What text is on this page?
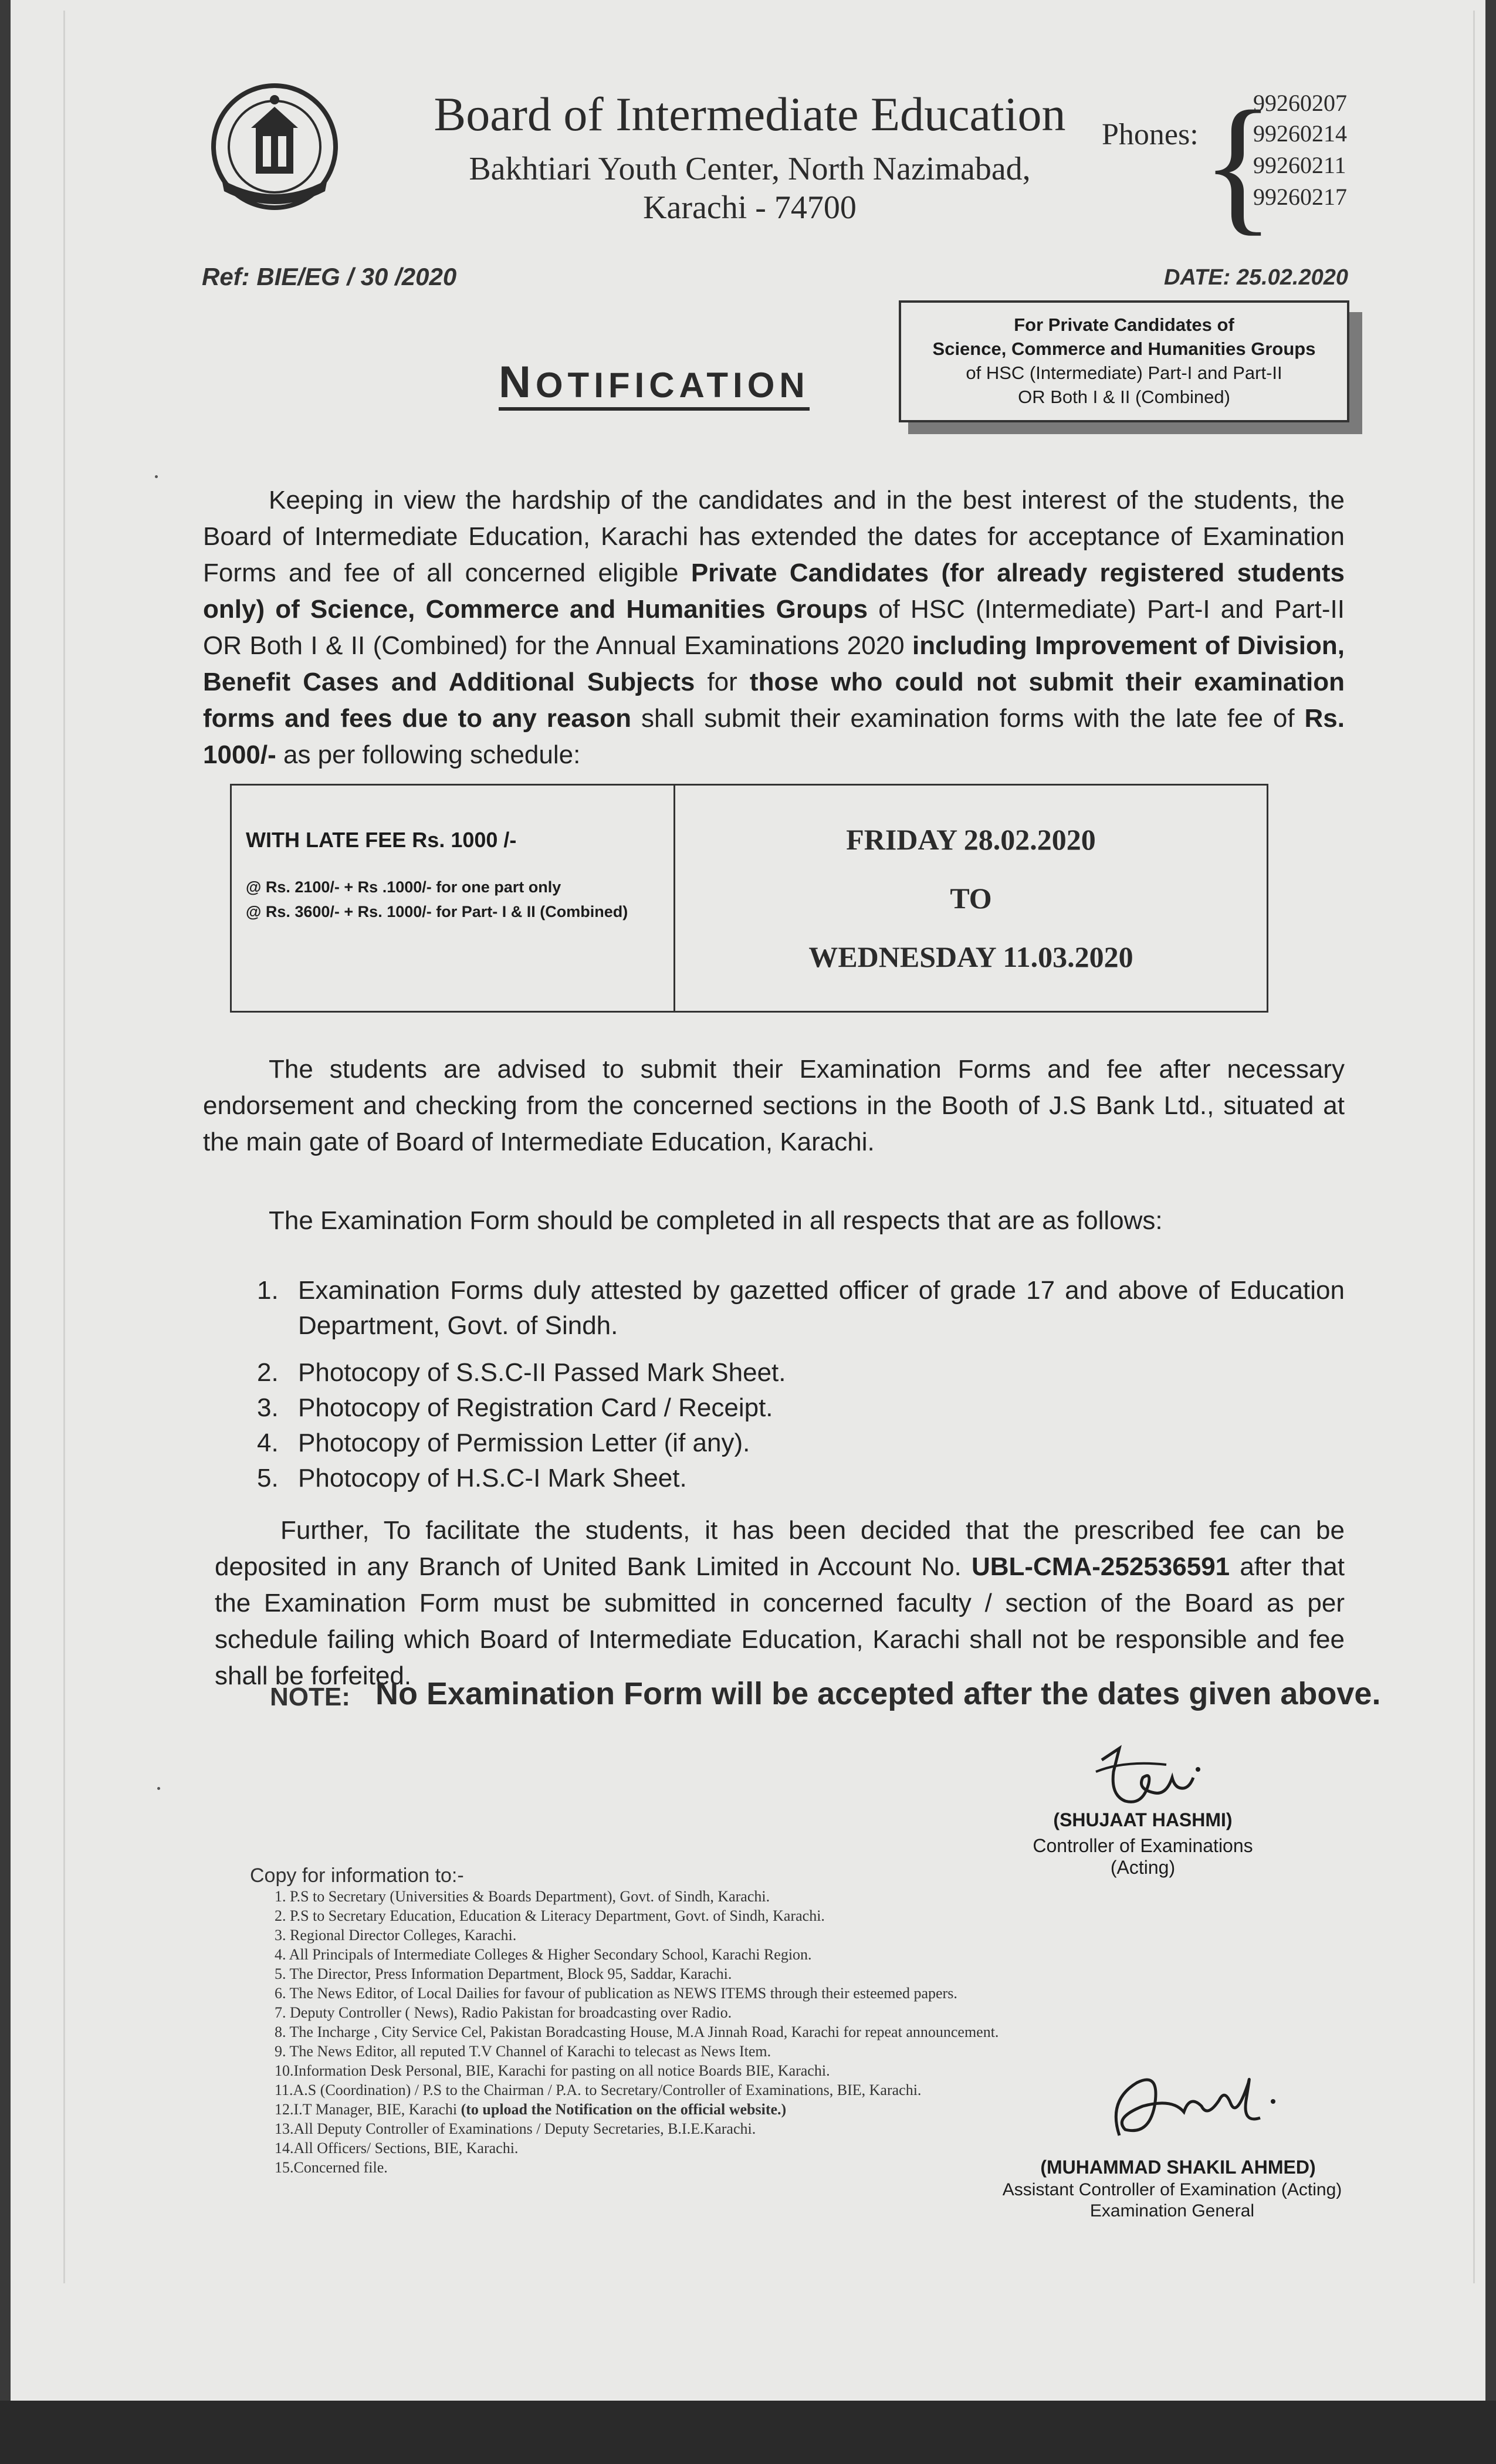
Board of Intermediate Education
Bakhtiari Youth Center, North Nazimabad,
Karachi - 74700
Phones: {
99260207
99260214
99260211
99260217
Ref: BIE/EG / 30 /2020	DATE: 25.02.2020
For Private Candidates of
Science, Commerce and Humanities Groups
of HSC (Intermediate) Part-I and Part-II
OR Both I & II (Combined)
NOTIFICATION
Keeping in view the hardship of the candidates and in the best interest of the students, the Board of Intermediate Education, Karachi has extended the dates for acceptance of Examination Forms and fee of all concerned eligible Private Candidates (for already registered students only) of Science, Commerce and Humanities Groups of HSC (Intermediate) Part-I and Part-II OR Both I & II (Combined) for the Annual Examinations 2020 including Improvement of Division, Benefit Cases and Additional Subjects for those who could not submit their examination forms and fees due to any reason shall submit their examination forms with the late fee of Rs. 1000/- as per following schedule:
WITH LATE FEE Rs. 1000 /-
@ Rs. 2100/- + Rs .1000/- for one part only
@ Rs. 3600/- + Rs. 1000/- for Part- I & II (Combined)
FRIDAY 28.02.2020
TO
WEDNESDAY 11.03.2020
The students are advised to submit their Examination Forms and fee after necessary endorsement and checking from the concerned sections in the Booth of J.S Bank Ltd., situated at the main gate of Board of Intermediate Education, Karachi.
The Examination Form should be completed in all respects that are as follows:
1. Examination Forms duly attested by gazetted officer of grade 17 and above of Education Department, Govt. of Sindh.
2. Photocopy of S.S.C-II Passed Mark Sheet.
3. Photocopy of Registration Card / Receipt.
4. Photocopy of Permission Letter (if any).
5. Photocopy of H.S.C-I Mark Sheet.
Further, To facilitate the students, it has been decided that the prescribed fee can be deposited in any Branch of United Bank Limited in Account No. UBL-CMA-252536591 after that the Examination Form must be submitted in concerned faculty / section of the Board as per schedule failing which Board of Intermediate Education, Karachi shall not be responsible and fee shall be forfeited.
NOTE: No Examination Form will be accepted after the dates given above.
(SHUJAAT HASHMI)
Controller of Examinations (Acting)
Copy for information to:-
1. P.S to Secretary (Universities & Boards Department), Govt. of Sindh, Karachi.
2. P.S to Secretary Education, Education & Literacy Department, Govt. of Sindh, Karachi.
3. Regional Director Colleges, Karachi.
4. All Principals of Intermediate Colleges & Higher Secondary School, Karachi Region.
5. The Director, Press Information Department, Block 95, Saddar, Karachi.
6. The News Editor, of Local Dailies for favour of publication as NEWS ITEMS through their esteemed papers.
7. Deputy Controller ( News), Radio Pakistan for broadcasting over Radio.
8. The Incharge , City Service Cel, Pakistan Boradcasting House, M.A Jinnah Road, Karachi for repeat announcement.
9. The News Editor, all reputed T.V Channel of Karachi to telecast as News Item.
10.Information Desk Personal, BIE, Karachi for pasting on all notice Boards BIE, Karachi.
11.A.S (Coordination) / P.S to the Chairman / P.A. to Secretary/Controller of Examinations, BIE, Karachi.
12.I.T Manager, BIE, Karachi (to upload the Notification on the official website.)
13.All Deputy Controller of Examinations / Deputy Secretaries, B.I.E.Karachi.
14.All Officers/ Sections, BIE, Karachi.
15.Concerned file.	(MUHAMMAD SHAKIL AHMED)
Assistant Controller of Examination (Acting)
Examination General
